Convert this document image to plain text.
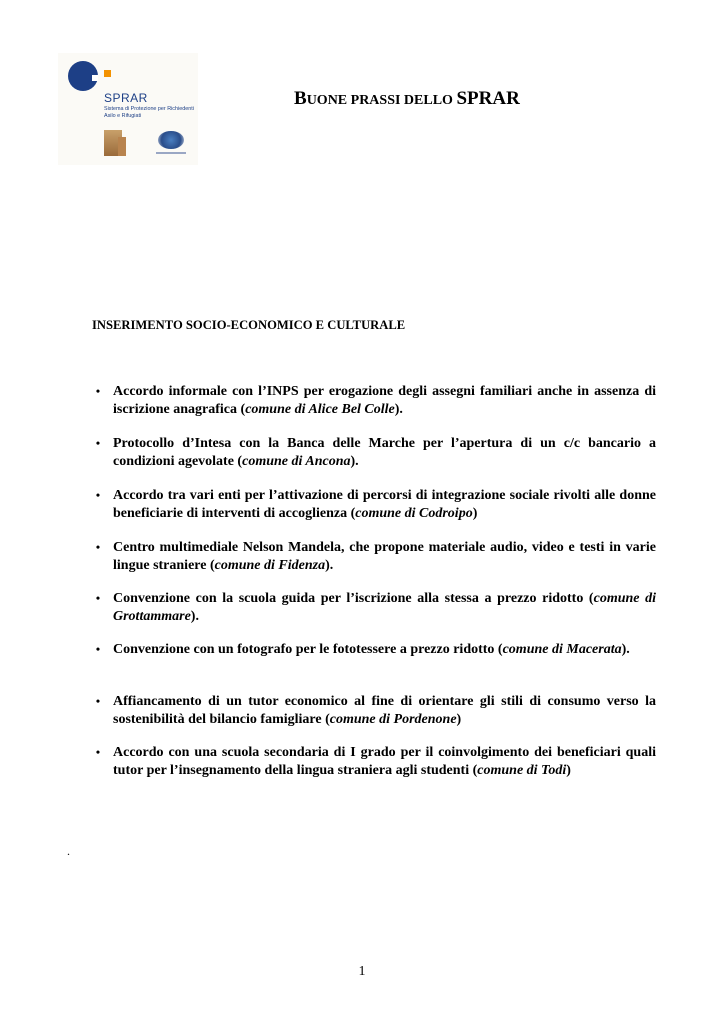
SPRAR
Sistema di Protezione per Richiedenti Asilo e Rifugiati
BUONE PRASSI DELLO SPRAR
INSERIMENTO SOCIO-ECONOMICO E CULTURALE
• Accordo informale con l’INPS per erogazione degli assegni familiari anche in assenza di iscrizione anagrafica (comune di Alice Bel Colle).
• Protocollo d’Intesa con la Banca delle Marche per l’apertura di un c/c bancario a condizioni agevolate (comune di Ancona).
• Accordo tra vari enti per l’attivazione di percorsi di integrazione sociale rivolti alle donne beneficiarie di interventi di accoglienza (comune di Codroipo)
• Centro multimediale Nelson Mandela, che propone materiale audio, video e testi in varie lingue straniere (comune di Fidenza).
• Convenzione con la scuola guida per l’iscrizione alla stessa a prezzo ridotto (comune di Grottammare).
• Convenzione con un fotografo per le fototessere a prezzo ridotto (comune di Macerata).
• Affiancamento di un tutor economico al fine di orientare gli stili di consumo verso la sostenibilità del bilancio famigliare (comune di Pordenone)
• Accordo con una scuola secondaria di I grado per il coinvolgimento dei beneficiari quali tutor per l’insegnamento della lingua straniera agli studenti (comune di Todi)
.
1
